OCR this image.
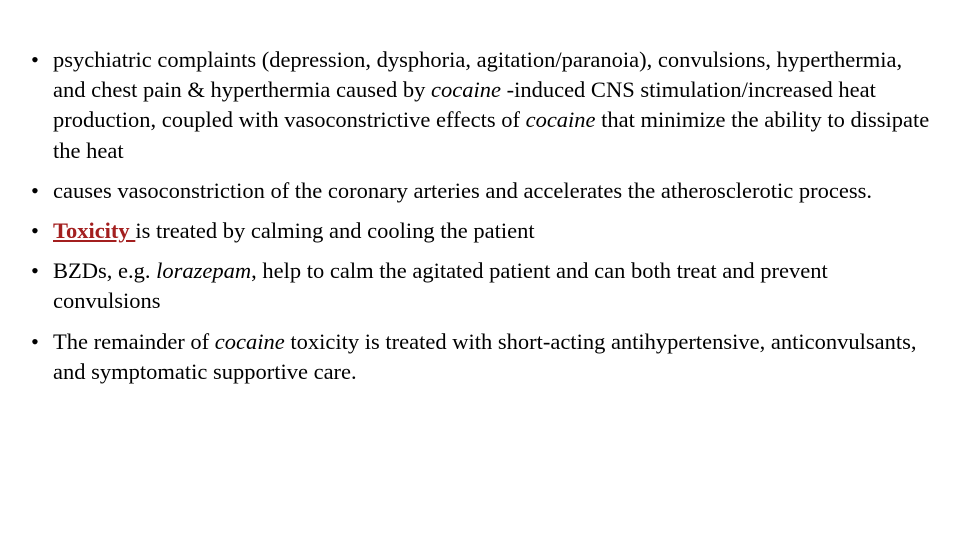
• psychiatric complaints (depression, dysphoria, agitation/paranoia), convulsions, hyperthermia, and chest pain & hyperthermia caused by cocaine -induced CNS stimulation/increased heat production, coupled with vasoconstrictive effects of cocaine that minimize the ability to dissipate the heat
• causes vasoconstriction of the coronary arteries and accelerates the atherosclerotic process.
• Toxicity is treated by calming and cooling the patient
• BZDs, e.g. lorazepam, help to calm the agitated patient and can both treat and prevent convulsions
• The remainder of cocaine toxicity is treated with short-acting antihypertensive, anticonvulsants, and symptomatic supportive care.
